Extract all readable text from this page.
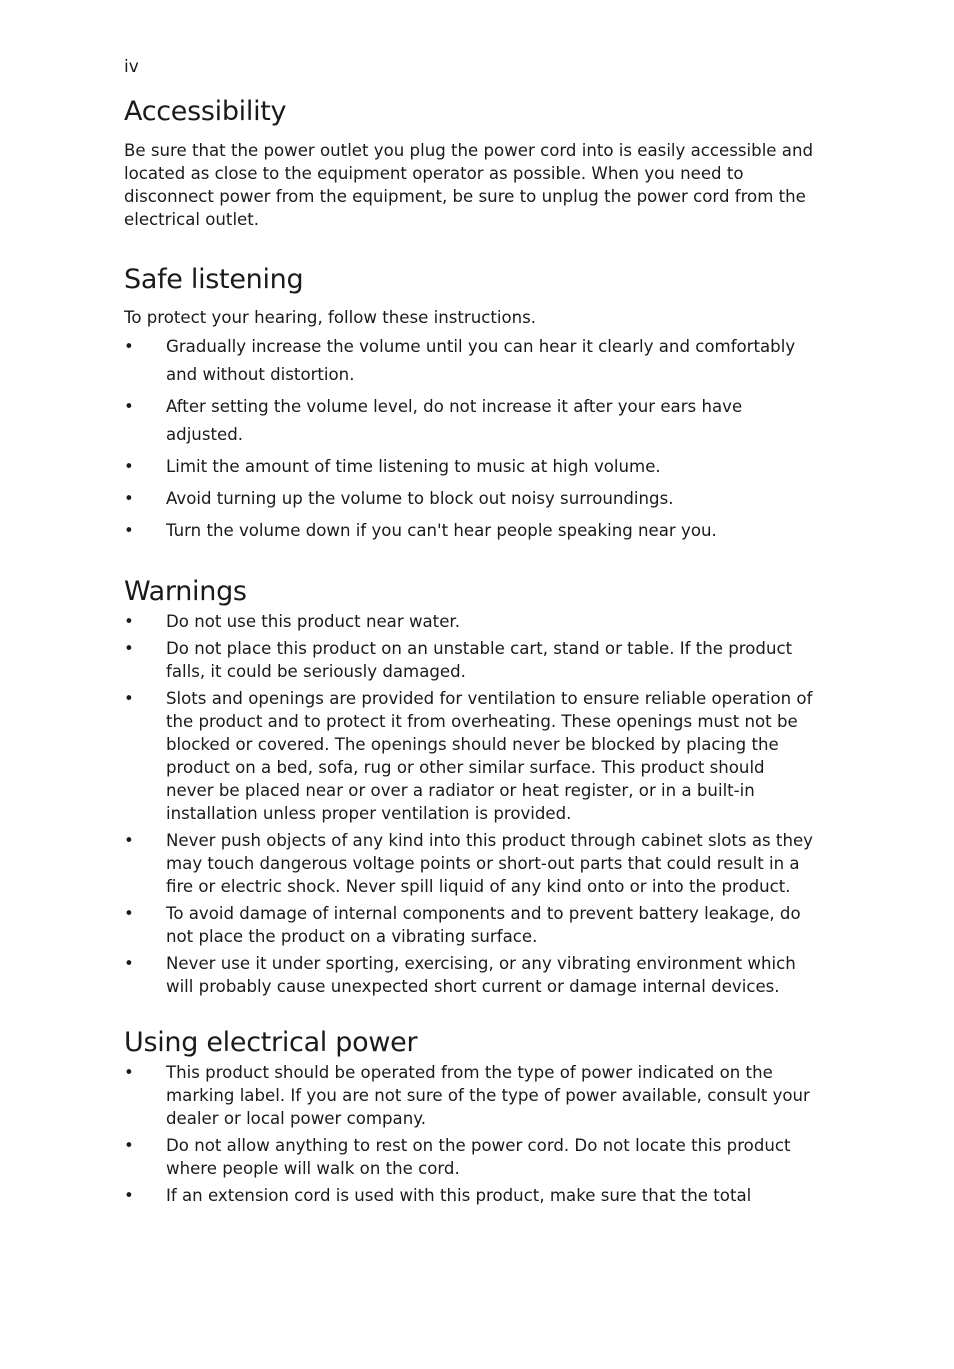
iv
Accessibility

Be sure that the power outlet you plug the power cord into is easily accessible and located as close to the equipment operator as possible. When you need to disconnect power from the equipment, be sure to unplug the power cord from the electrical outlet.

Safe listening

To protect your hearing, follow these instructions.

• Gradually increase the volume until you can hear it clearly and comfortably and without distortion.
• After setting the volume level, do not increase it after your ears have adjusted.
• Limit the amount of time listening to music at high volume.
• Avoid turning up the volume to block out noisy surroundings.
• Turn the volume down if you can't hear people speaking near you.
Warnings
• Do not use this product near water.
• Do not place this product on an unstable cart, stand or table. If the product falls, it could be seriously damaged.
• Slots and openings are provided for ventilation to ensure reliable operation of the product and to protect it from overheating. These openings must not be blocked or covered. The openings should never be blocked by placing the product on a bed, sofa, rug or other similar surface. This product should never be placed near or over a radiator or heat register, or in a built-in installation unless proper ventilation is provided.
• Never push objects of any kind into this product through cabinet slots as they may touch dangerous voltage points or short-out parts that could result in a fire or electric shock. Never spill liquid of any kind onto or into the product.
• To avoid damage of internal components and to prevent battery leakage, do not place the product on a vibrating surface.
• Never use it under sporting, exercising, or any vibrating environment which will probably cause unexpected short current or damage internal devices.
Using electrical power
• This product should be operated from the type of power indicated on the marking label. If you are not sure of the type of power available, consult your dealer or local power company.
• Do not allow anything to rest on the power cord. Do not locate this product where people will walk on the cord.
• If an extension cord is used with this product, make sure that the total
